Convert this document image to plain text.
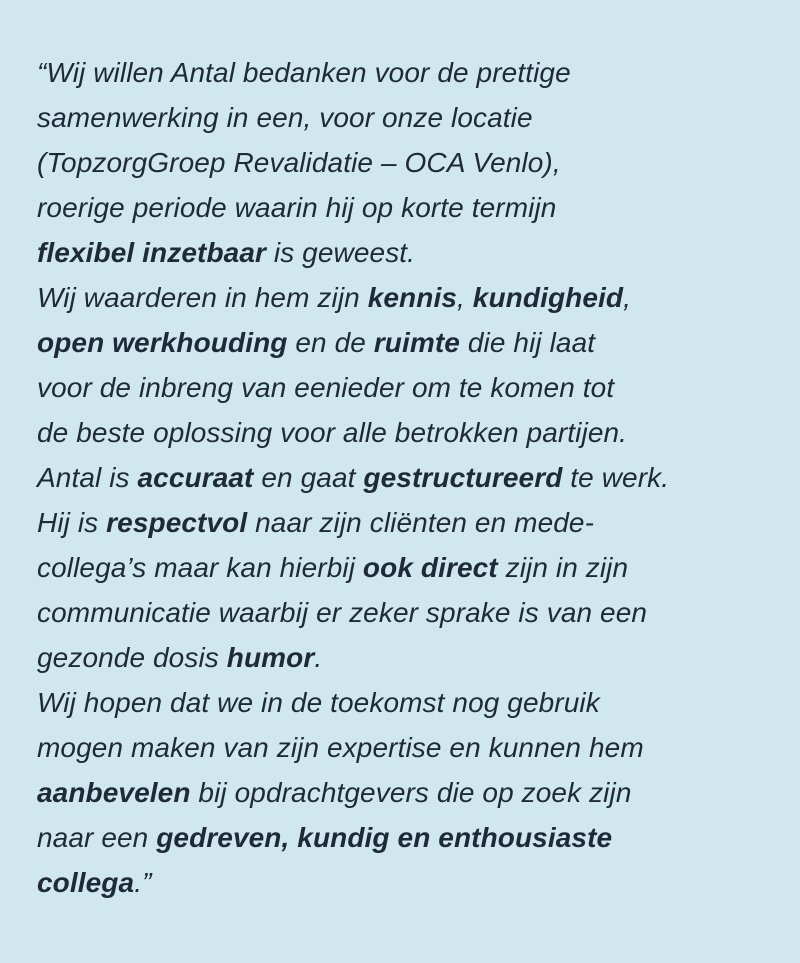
“Wij willen Antal bedanken voor de prettige
samenwerking in een, voor onze locatie
(TopzorgGroep Revalidatie – OCA Venlo),
roerige periode waarin hij op korte termijn
flexibel inzetbaar is geweest.
Wij waarderen in hem zijn kennis, kundigheid,
open werkhouding en de ruimte die hij laat
voor de inbreng van eenieder om te komen tot
de beste oplossing voor alle betrokken partijen.
Antal is accuraat en gaat gestructureerd te werk.
Hij is respectvol naar zijn cliënten en mede-
collega’s maar kan hierbij ook direct zijn in zijn
communicatie waarbij er zeker sprake is van een
gezonde dosis humor.
Wij hopen dat we in de toekomst nog gebruik
mogen maken van zijn expertise en kunnen hem
aanbevelen bij opdrachtgevers die op zoek zijn
naar een gedreven, kundig en enthousiaste
collega.”
